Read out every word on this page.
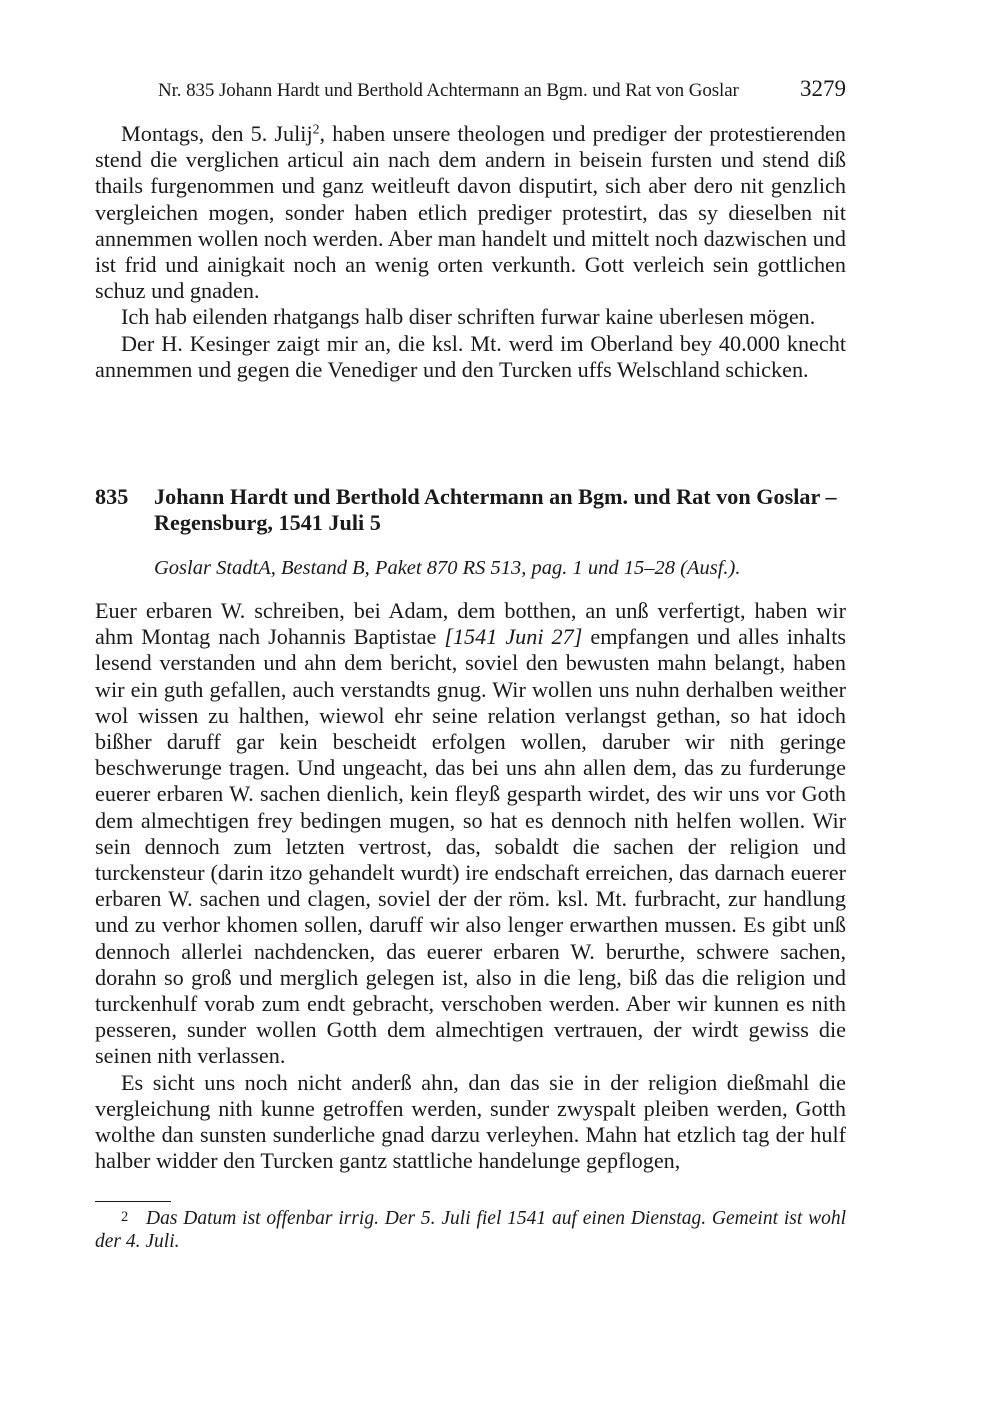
Nr. 835 Johann Hardt und Berthold Achtermann an Bgm. und Rat von Goslar	3279

Montags, den 5. Julij$^2$, haben unsere theologen und prediger der protestierenden stend die verglichen articul ain nach dem andern in beisein fursten und stend diß thails furgenommen und ganz weitleuft davon disputirt, sich aber dero nit genzlich vergleichen mogen, sonder haben etlich prediger protestirt, das sy dieselben nit annemmen wollen noch werden. Aber man handelt und mittelt noch dazwischen und ist frid und ainigkait noch an wenig orten verkunth. Gott verleich sein gottlichen schuz und gnaden.

Ich hab eilenden rhatgangs halb diser schriften furwar kaine uberlesen mögen.

Der H. Kesinger zaigt mir an, die ksl. Mt. werd im Oberland bey 40.000 knecht annemmen und gegen die Venediger und den Turcken uffs Welschland schicken.

835 Johann Hardt und Berthold Achtermann an Bgm. und Rat von Goslar – Regensburg, 1541 Juli 5
Goslar StadtA, Bestand B, Paket 870 RS 513, pag. 1 und 15–28 (Ausf.).

Euer erbaren W. schreiben, bei Adam, dem botthen, an unß verfertigt, haben wir ahm Montag nach Johannis Baptistae [1541 Juni 27] empfangen und alles inhalts lesend verstanden und ahn dem bericht, soviel den bewusten mahn belangt, haben wir ein guth gefallen, auch verstandts gnug. Wir wollen uns nuhn derhalben weither wol wissen zu halthen, wiewol ehr seine relation verlangst gethan, so hat idoch bißher daruff gar kein bescheidt erfolgen wollen, daruber wir nith geringe beschwerunge tragen. Und ungeacht, das bei uns ahn allen dem, das zu furderunge euerer erbaren W. sachen dienlich, kein fleyß gesparth wirdet, des wir uns vor Goth dem almechtigen frey bedingen mugen, so hat es dennoch nith helfen wollen. Wir sein dennoch zum letzten vertrost, das, sobaldt die sachen der religion und turckensteur (darin itzo gehandelt wurdt) ire endschaft erreichen, das darnach euerer erbaren W. sachen und clagen, soviel der der röm. ksl. Mt. furbracht, zur handlung und zu verhor khomen sollen, daruff wir also lenger erwarthen mussen. Es gibt unß dennoch allerlei nachdencken, das euerer erbaren W. berurthe, schwere sachen, dorahn so groß und merglich gelegen ist, also in die leng, biß das die religion und turckenhulf vorab zum endt gebracht, verschoben werden. Aber wir kunnen es nith pesseren, sunder wollen Gotth dem almechtigen vertrauen, der wirdt gewiss die seinen nith verlassen.

Es sicht uns noch nicht anderß ahn, dan das sie in der religion dießmahl die vergleichung nith kunne getroffen werden, sunder zwyspalt pleiben werden, Gotth wolthe dan sunsten sunderliche gnad darzu verleyhen. Mahn hat etzlich tag der hulf halber widder den Turcken gantz stattliche handelunge gepflogen,

2 Das Datum ist offenbar irrig. Der 5. Juli fiel 1541 auf einen Dienstag. Gemeint ist wohl der 4. Juli.
